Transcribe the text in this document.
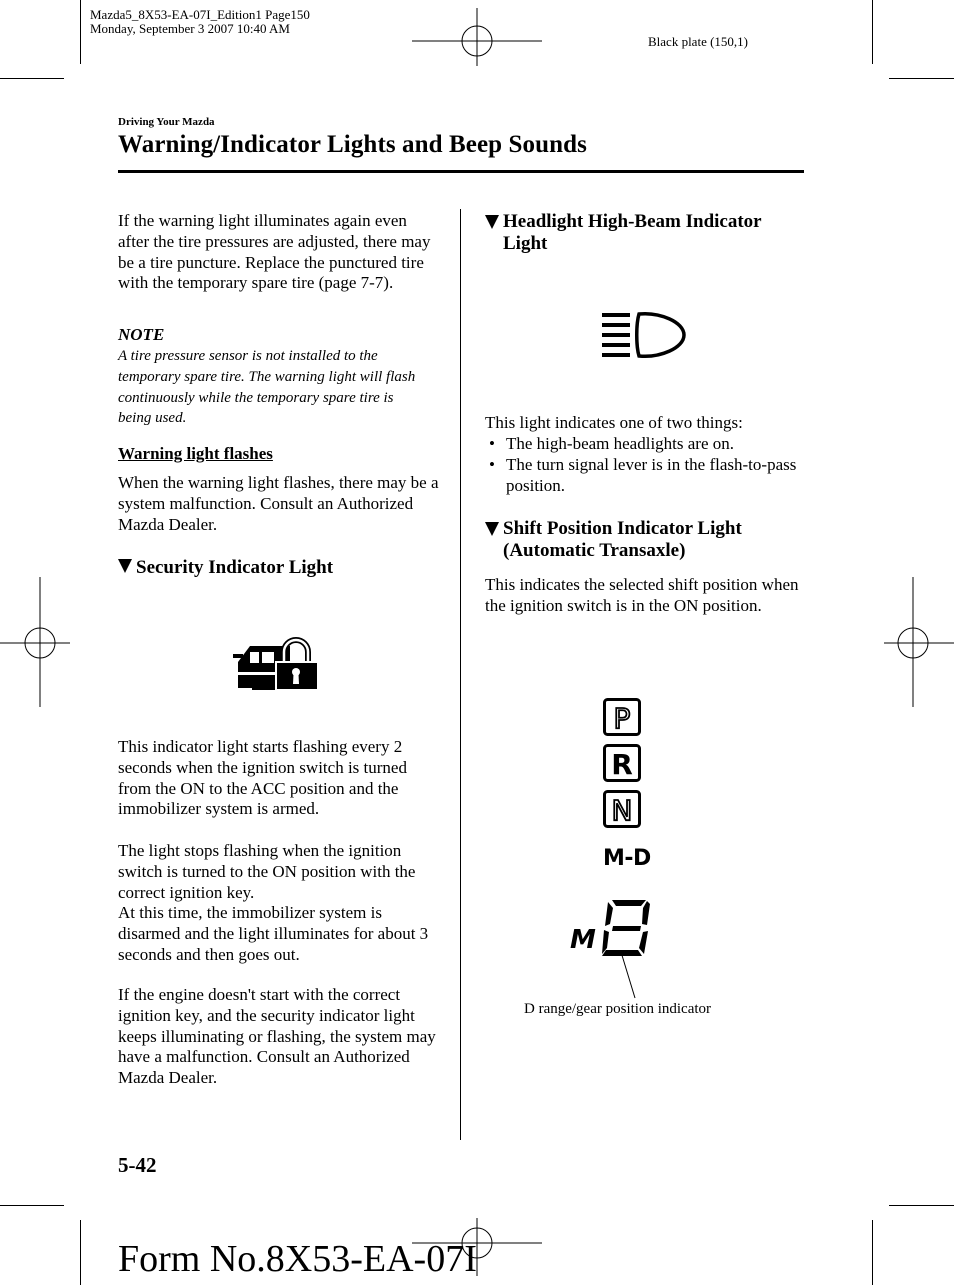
Mazda5_8X53-EA-07I_Edition1 Page150
Monday, September 3 2007 10:40 AM
Black plate (150,1)
Driving Your Mazda
Warning/Indicator Lights and Beep Sounds
If the warning light illuminates again even after the tire pressures are adjusted, there may be a tire puncture. Replace the punctured tire with the temporary spare tire (page 7-7).
NOTE
A tire pressure sensor is not installed to the temporary spare tire. The warning light will flash continuously while the temporary spare tire is being used.
Warning light flashes
When the warning light flashes, there may be a system malfunction. Consult an Authorized Mazda Dealer.
Security Indicator Light
This indicator light starts flashing every 2 seconds when the ignition switch is turned from the ON to the ACC position and the immobilizer system is armed.
The light stops flashing when the ignition switch is turned to the ON position with the correct ignition key.
At this time, the immobilizer system is disarmed and the light illuminates for about 3 seconds and then goes out.
If the engine doesn't start with the correct ignition key, and the security indicator light keeps illuminating or flashing, the system may have a malfunction. Consult an Authorized Mazda Dealer.
Headlight High-Beam Indicator
Light
This light indicates one of two things:
• The high-beam headlights are on.
• The turn signal lever is in the flash-to-pass position.
Shift Position Indicator Light
(Automatic Transaxle)
This indicates the selected shift position when the ignition switch is in the ON position.
P
R
N
M-D
M
D range/gear position indicator
5-42
Form No.8X53-EA-07I
